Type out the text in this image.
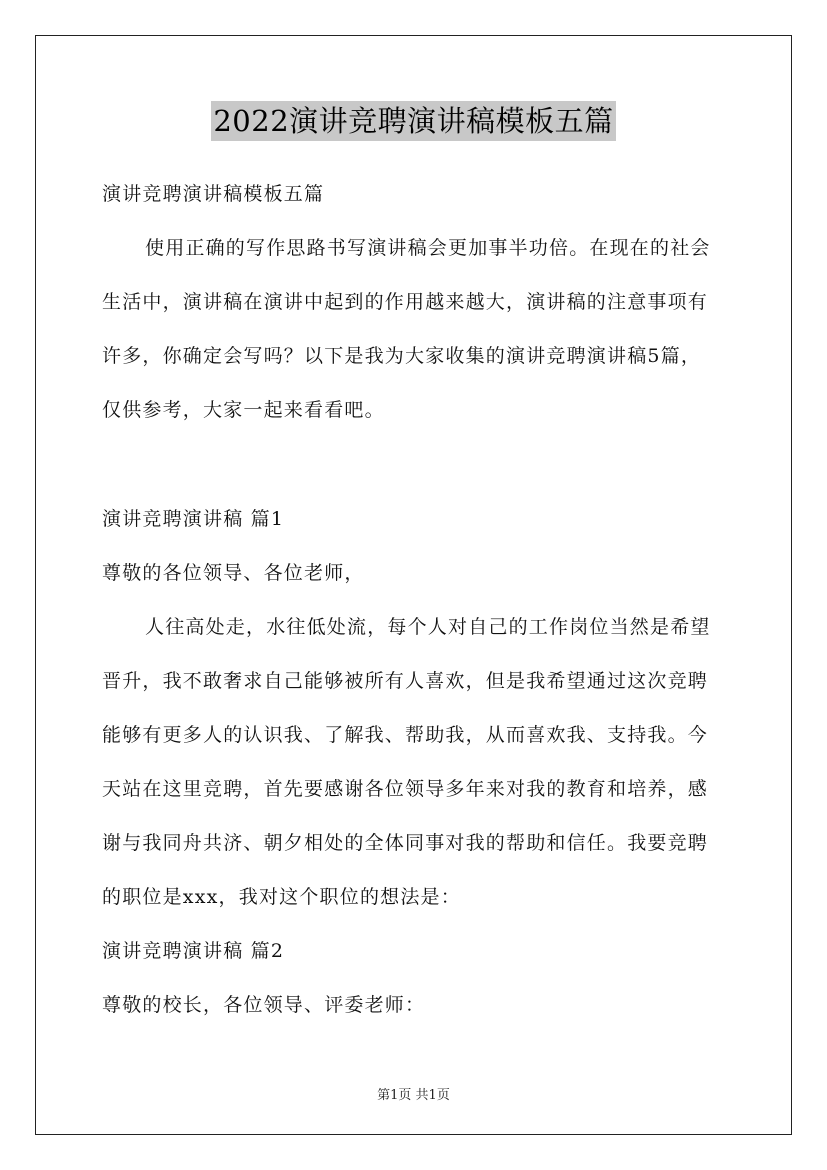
2022演讲竞聘演讲稿模板五篇
演讲竞聘演讲稿模板五篇
使用正确的写作思路书写演讲稿会更加事半功倍。在现在的社会
生活中，演讲稿在演讲中起到的作用越来越大，演讲稿的注意事项有
许多，你确定会写吗？以下是我为大家收集的演讲竞聘演讲稿5篇，
仅供参考，大家一起来看看吧。
演讲竞聘演讲稿 篇1
尊敬的各位领导、各位老师，
人往高处走，水往低处流，每个人对自己的工作岗位当然是希望
晋升，我不敢奢求自己能够被所有人喜欢，但是我希望通过这次竞聘
能够有更多人的认识我、了解我、帮助我，从而喜欢我、支持我。今
天站在这里竞聘，首先要感谢各位领导多年来对我的教育和培养，感
谢与我同舟共济、朝夕相处的全体同事对我的帮助和信任。我要竞聘
的职位是xxx，我对这个职位的想法是：
演讲竞聘演讲稿 篇2
尊敬的校长，各位领导、评委老师：
第1页 共1页
